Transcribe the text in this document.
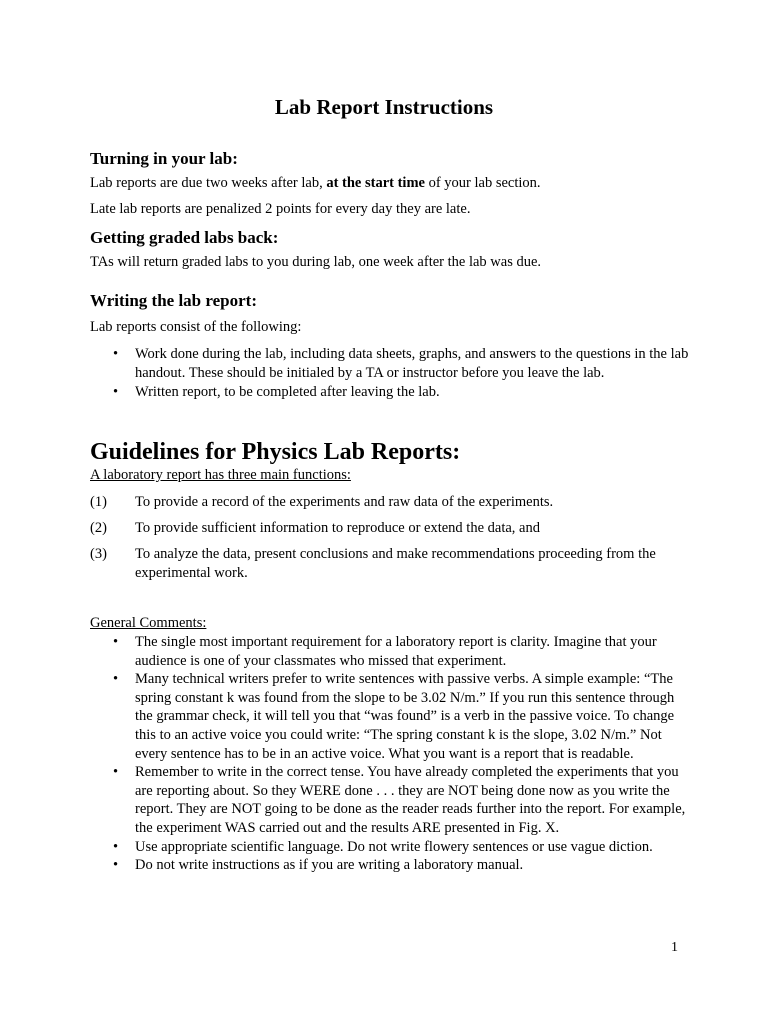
Lab Report Instructions
Turning in your lab:

Lab reports are due two weeks after lab, at the start time of your lab section.

Late lab reports are penalized 2 points for every day they are late.

Getting graded labs back:

TAs will return graded labs to you during lab, one week after the lab was due.

Writing the lab report:

Lab reports consist of the following:

• Work done during the lab, including data sheets, graphs, and answers to the questions in the lab handout. These should be initialed by a TA or instructor before you leave the lab.
• Written report, to be completed after leaving the lab.
Guidelines for Physics Lab Reports:

A laboratory report has three main functions:

(1) To provide a record of the experiments and raw data of the experiments.
(2) To provide sufficient information to reproduce or extend the data, and
(3) To analyze the data, present conclusions and make recommendations proceeding from the experimental work.

General Comments:

• The single most important requirement for a laboratory report is clarity. Imagine that your audience is one of your classmates who missed that experiment.
• Many technical writers prefer to write sentences with passive verbs. A simple example: “The spring constant k was found from the slope to be 3.02 N/m.” If you run this sentence through the grammar check, it will tell you that “was found” is a verb in the passive voice. To change this to an active voice you could write: “The spring constant k is the slope, 3.02 N/m.” Not every sentence has to be in an active voice. What you want is a report that is readable.
• Remember to write in the correct tense. You have already completed the experiments that you are reporting about. So they WERE done . . . they are NOT being done now as you write the report. They are NOT going to be done as the reader reads further into the report. For example, the experiment WAS carried out and the results ARE presented in Fig. X.
• Use appropriate scientific language. Do not write flowery sentences or use vague diction.
• Do not write instructions as if you are writing a laboratory manual.
1
